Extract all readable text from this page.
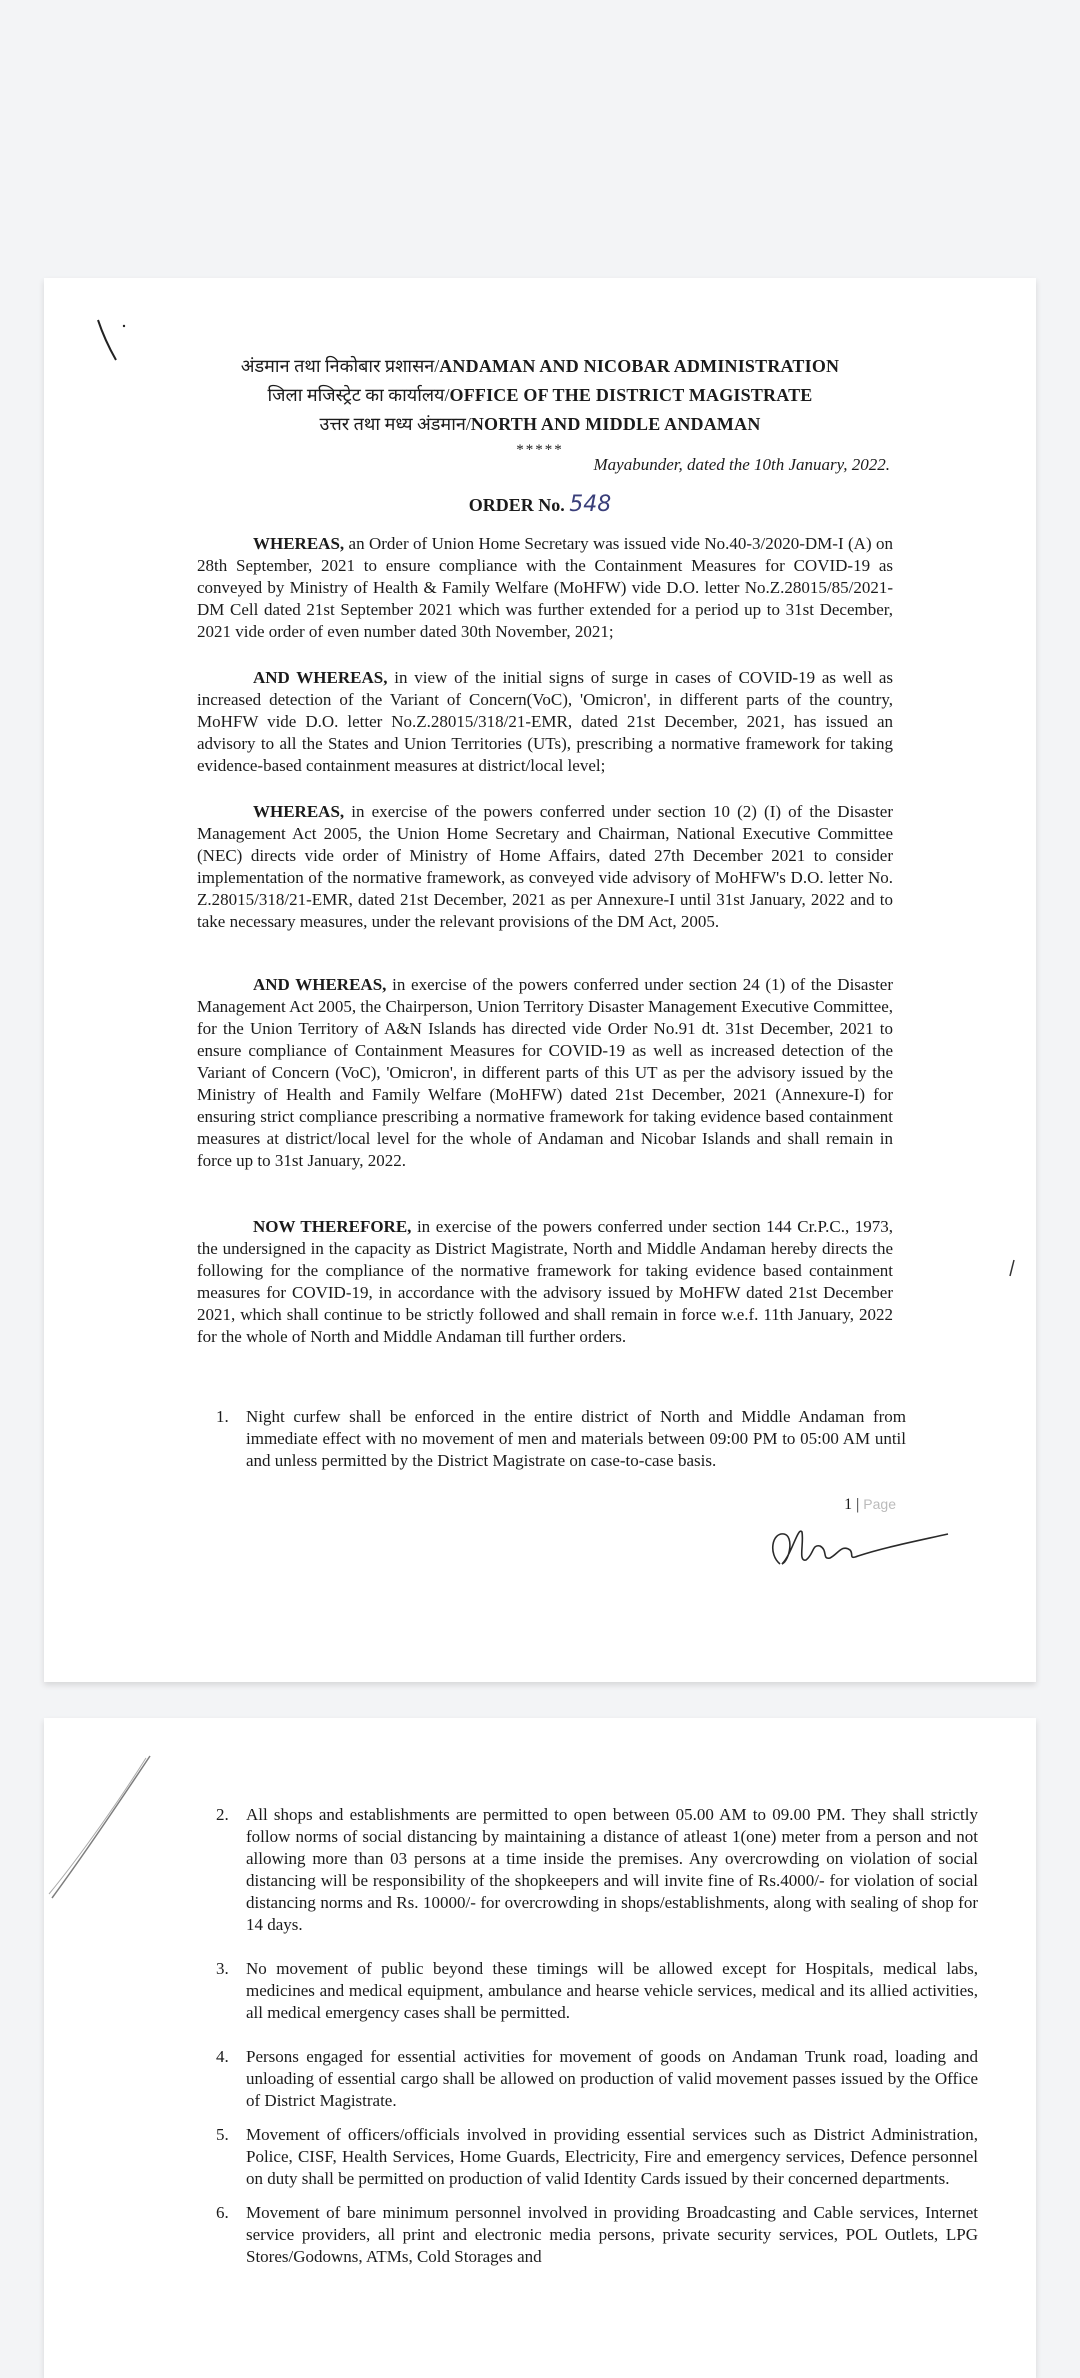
अंडमान तथा निकोबार प्रशासन/ANDAMAN AND NICOBAR ADMINISTRATION
जिला मजिस्ट्रेट का कार्यालय/OFFICE OF THE DISTRICT MAGISTRATE
उत्तर तथा मध्य अंडमान/NORTH AND MIDDLE ANDAMAN
*****
Mayabunder, dated the 10th January, 2022.
ORDER No. 548

WHEREAS, an Order of Union Home Secretary was issued vide No.40-3/2020-DM-I (A) on 28th September, 2021 to ensure compliance with the Containment Measures for COVID-19 as conveyed by Ministry of Health & Family Welfare (MoHFW) vide D.O. letter No.Z.28015/85/2021-DM Cell dated 21st September 2021 which was further extended for a period up to 31st December, 2021 vide order of even number dated 30th November, 2021;

AND WHEREAS, in view of the initial signs of surge in cases of COVID-19 as well as increased detection of the Variant of Concern(VoC), 'Omicron', in different parts of the country, MoHFW vide D.O. letter No.Z.28015/318/21-EMR, dated 21st December, 2021, has issued an advisory to all the States and Union Territories (UTs), prescribing a normative framework for taking evidence-based containment measures at district/local level;

WHEREAS, in exercise of the powers conferred under section 10 (2) (I) of the Disaster Management Act 2005, the Union Home Secretary and Chairman, National Executive Committee (NEC) directs vide order of Ministry of Home Affairs, dated 27th December 2021 to consider implementation of the normative framework, as conveyed vide advisory of MoHFW's D.O. letter No. Z.28015/318/21-EMR, dated 21st December, 2021 as per Annexure-I until 31st January, 2022 and to take necessary measures, under the relevant provisions of the DM Act, 2005.

AND WHEREAS, in exercise of the powers conferred under section 24 (1) of the Disaster Management Act 2005, the Chairperson, Union Territory Disaster Management Executive Committee, for the Union Territory of A&N Islands has directed vide Order No.91 dt. 31st December, 2021 to ensure compliance of Containment Measures for COVID-19 as well as increased detection of the Variant of Concern (VoC), 'Omicron', in different parts of this UT as per the advisory issued by the Ministry of Health and Family Welfare (MoHFW) dated 21st December, 2021 (Annexure-I) for ensuring strict compliance prescribing a normative framework for taking evidence based containment measures at district/local level for the whole of Andaman and Nicobar Islands and shall remain in force up to 31st January, 2022.

NOW THEREFORE, in exercise of the powers conferred under section 144 Cr.P.C., 1973, the undersigned in the capacity as District Magistrate, North and Middle Andaman hereby directs the following for the compliance of the normative framework for taking evidence based containment measures for COVID-19, in accordance with the advisory issued by MoHFW dated 21st December 2021, which shall continue to be strictly followed and shall remain in force w.e.f. 11th January, 2022 for the whole of North and Middle Andaman till further orders.

1.	Night curfew shall be enforced in the entire district of North and Middle Andaman from immediate effect with no movement of men and materials between 09:00 PM to 05:00 AM until and unless permitted by the District Magistrate on case-to-case basis.

1 | Page

2.	All shops and establishments are permitted to open between 05.00 AM to 09.00 PM. They shall strictly follow norms of social distancing by maintaining a distance of atleast 1(one) meter from a person and not allowing more than 03 persons at a time inside the premises. Any overcrowding on violation of social distancing will be responsibility of the shopkeepers and will invite fine of Rs.4000/- for violation of social distancing norms and Rs. 10000/- for overcrowding in shops/establishments, along with sealing of shop for 14 days.

3.	No movement of public beyond these timings will be allowed except for Hospitals, medical labs, medicines and medical equipment, ambulance and hearse vehicle services, medical and its allied activities, all medical emergency cases shall be permitted.

4.	Persons engaged for essential activities for movement of goods on Andaman Trunk road, loading and unloading of essential cargo shall be allowed on production of valid movement passes issued by the Office of District Magistrate.

5.	Movement of officers/officials involved in providing essential services such as District Administration, Police, CISF, Health Services, Home Guards, Electricity, Fire and emergency services, Defence personnel on duty shall be permitted on production of valid Identity Cards issued by their concerned departments.

6.	Movement of bare minimum personnel involved in providing Broadcasting and Cable services, Internet service providers, all print and electronic media persons, private security services, POL Outlets, LPG Stores/Godowns, ATMs, Cold Storages and
